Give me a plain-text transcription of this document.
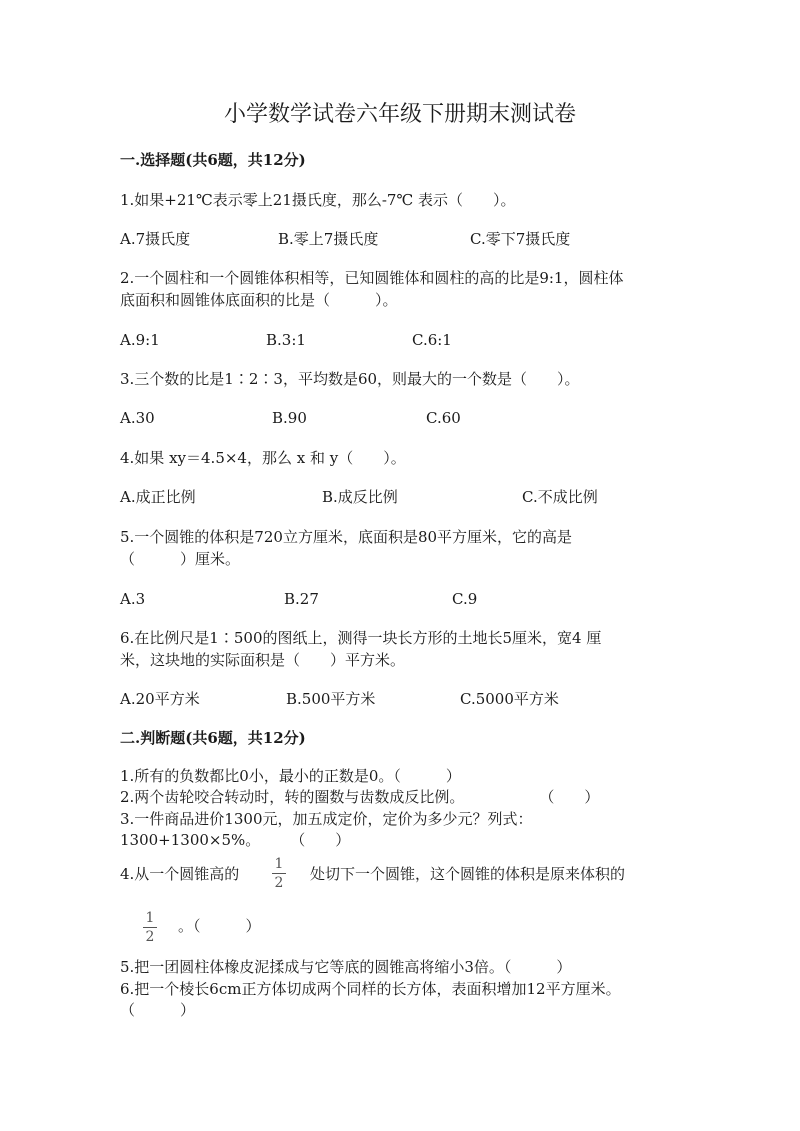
小学数学试卷六年级下册期末测试卷
一.选择题(共6题，共12分)
1.如果+21℃表示零上21摄氏度，那么-7℃ 表示（　　）。
A.7摄氏度	B.零上7摄氏度	C.零下7摄氏度
2.一个圆柱和一个圆锥体积相等，已知圆锥体和圆柱的高的比是9:1，圆柱体
底面积和圆锥体底面积的比是（　　　）。
A.9:1	B.3:1	C.6:1
3.三个数的比是1∶2∶3，平均数是60，则最大的一个数是（　　）。
A.30	B.90	C.60
4.如果 xy＝4.5×4，那么 x 和 y（　　）。
A.成正比例	B.成反比例	C.不成比例
5.一个圆锥的体积是720立方厘米，底面积是80平方厘米，它的高是
（　　　）厘米。
A.3	B.27	C.9
6.在比例尺是1∶500的图纸上，测得一块长方形的土地长5厘米，宽4 厘
米，这块地的实际面积是（　　）平方米。
A.20平方米	B.500平方米	C.5000平方米
二.判断题(共6题，共12分)
1.所有的负数都比0小，最小的正数是0。（　　　）
2.两个齿轮咬合转动时，转的圈数与齿数成反比例。　　　　　　（　　）
3.一件商品进价1300元，加五成定价，定价为多少元？列式：
1300+1300×5%。　　　（　　）
4.从一个圆锥高的
1
2	处切下一个圆锥，这个圆锥的体积是原来体积的
1
2
。（　　　）
5.把一团圆柱体橡皮泥揉成与它等底的圆锥高将缩小3倍。（　　　）
6.把一个棱长6cm正方体切成两个同样的长方体，表面积增加12平方厘米。
（　　　）
